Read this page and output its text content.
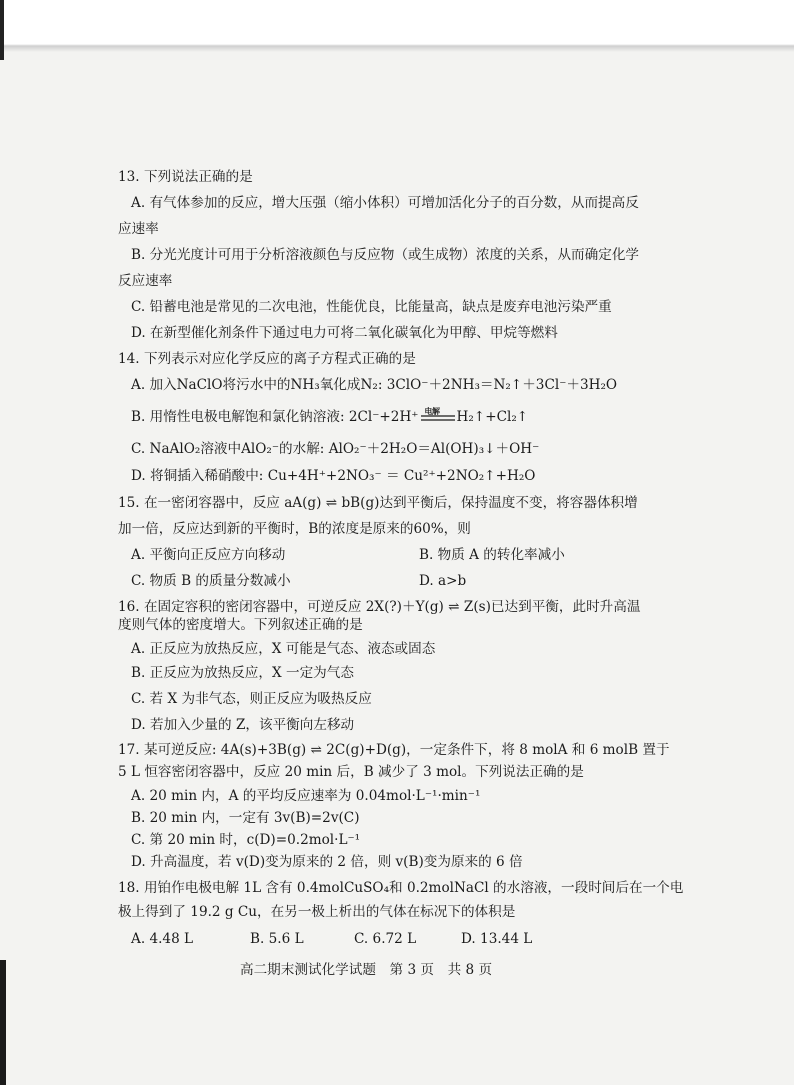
13. 下列说法正确的是
A. 有气体参加的反应，增大压强（缩小体积）可增加活化分子的百分数，从而提高反
应速率
B. 分光光度计可用于分析溶液颜色与反应物（或生成物）浓度的关系，从而确定化学
反应速率
C. 铅蓄电池是常见的二次电池，性能优良，比能量高，缺点是废弃电池污染严重
D. 在新型催化剂条件下通过电力可将二氧化碳氧化为甲醇、甲烷等燃料
14. 下列表示对应化学反应的离子方程式正确的是
A. 加入NaClO将污水中的NH₃氧化成N₂: 3ClO⁻＋2NH₃＝N₂↑＋3Cl⁻＋3H₂O
B. 用惰性电极电解饱和氯化钠溶液: 2Cl⁻+2H⁺ 电解 H₂↑+Cl₂↑
C. NaAlO₂溶液中AlO₂⁻的水解: AlO₂⁻＋2H₂O＝Al(OH)₃↓＋OH⁻
D. 将铜插入稀硝酸中: Cu+4H⁺+2NO₃⁻ ＝ Cu²⁺+2NO₂↑+H₂O
15. 在一密闭容器中，反应 aA(g) ⇌ bB(g)达到平衡后，保持温度不变，将容器体积增
加一倍，反应达到新的平衡时，B的浓度是原来的60%，则
A. 平衡向正反应方向移动	B. 物质 A 的转化率减小
C. 物质 B 的质量分数减小	D. a>b
16. 在固定容积的密闭容器中，可逆反应 2X(?)＋Y(g) ⇌ Z(s)已达到平衡，此时升高温
度则气体的密度增大。下列叙述正确的是
A. 正反应为放热反应，X 可能是气态、液态或固态
B. 正反应为放热反应，X 一定为气态
C. 若 X 为非气态，则正反应为吸热反应
D. 若加入少量的 Z，该平衡向左移动
17. 某可逆反应: 4A(s)+3B(g) ⇌ 2C(g)+D(g)，一定条件下，将 8 molA 和 6 molB 置于
5 L 恒容密闭容器中，反应 20 min 后，B 减少了 3 mol。下列说法正确的是
A. 20 min 内，A 的平均反应速率为 0.04mol·L⁻¹·min⁻¹
B. 20 min 内，一定有 3v(B)=2v(C)
C. 第 20 min 时，c(D)=0.2mol·L⁻¹
D. 升高温度，若 v(D)变为原来的 2 倍，则 v(B)变为原来的 6 倍
18. 用铂作电极电解 1L 含有 0.4molCuSO₄和 0.2molNaCl 的水溶液，一段时间后在一个电
极上得到了 19.2 g Cu，在另一极上析出的气体在标况下的体积是
A. 4.48 L	B. 5.6 L	C. 6.72 L	D. 13.44 L
高二期末测试化学试题　第 3 页　共 8 页
